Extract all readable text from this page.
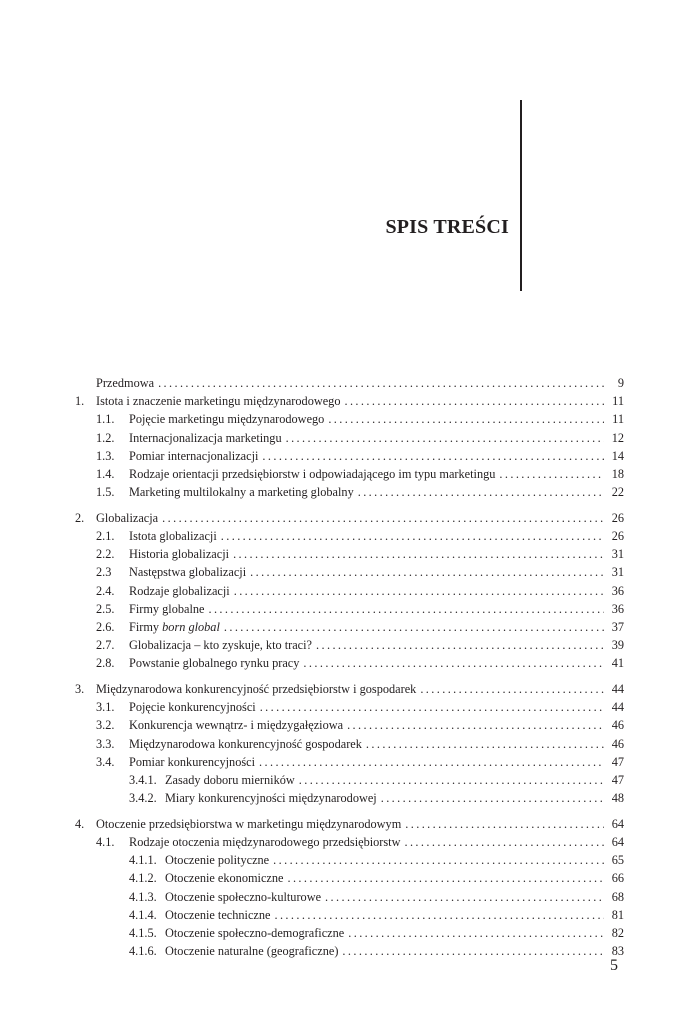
SPIS TREŚCI
Przedmowa .....	9
1. Istota i znaczenie marketingu międzynarodowego .....	11
1.1.	Pojęcie marketingu międzynarodowego .....	11
1.2.	Internacjonalizacja marketingu .....	12
1.3.	Pomiar internacjonalizacji .....	14
1.4.	Rodzaje orientacji przedsiębiorstw i odpowiadającego im typu marketingu .....	18
1.5.	Marketing multilokalny a marketing globalny .....	22
2. Globalizacja .....	26
2.1.	Istota globalizacji .....	26
2.2.	Historia globalizacji .....	31
2.3	Następstwa globalizacji .....	31
2.4.	Rodzaje globalizacji .....	36
2.5.	Firmy globalne .....	36
2.6.	Firmy born global .....	37
2.7.	Globalizacja – kto zyskuje, kto traci? .....	39
2.8.	Powstanie globalnego rynku pracy .....	41
3. Międzynarodowa konkurencyjność przedsiębiorstw i gospodarek .....	44
3.1.	Pojęcie konkurencyjności .....	44
3.2.	Konkurencja wewnątrz- i międzygałęziowa .....	46
3.3.	Międzynarodowa konkurencyjność gospodarek .....	46
3.4.	Pomiar konkurencyjności .....	47
3.4.1. Zasady doboru mierników .....	47
3.4.2. Miary konkurencyjności międzynarodowej .....	48
4. Otoczenie przedsiębiorstwa w marketingu międzynarodowym .....	64
4.1.	Rodzaje otoczenia międzynarodowego przedsiębiorstw .....	64
4.1.1. Otoczenie polityczne .....	65
4.1.2. Otoczenie ekonomiczne .....	66
4.1.3. Otoczenie społeczno-kulturowe .....	68
4.1.4. Otoczenie techniczne .....	81
4.1.5. Otoczenie społeczno-demograficzne .....	82
4.1.6. Otoczenie naturalne (geograficzne) .....	83
5
